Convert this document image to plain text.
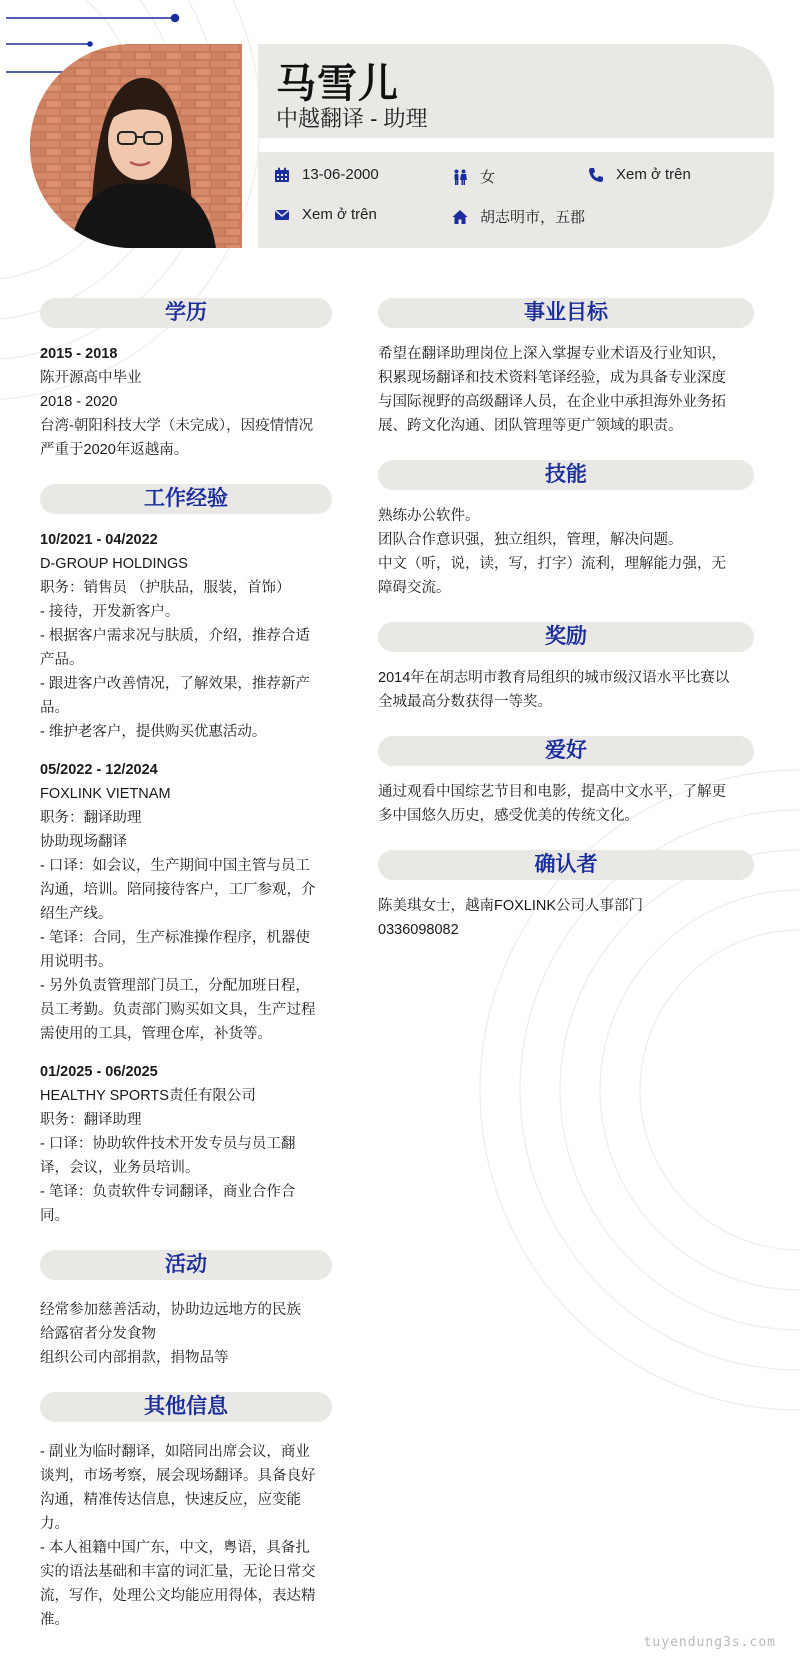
马雪儿
中越翻译 - 助理
13-06-2000	女	Xem ở trên
Xem ở trên	胡志明市，五郡
学历
2015 - 2018
陈开源高中毕业
2018 - 2020
台湾-朝阳科技大学（未完成），因疫情情况
严重于2020年返越南。
工作经验
10/2021 - 04/2022
D-GROUP HOLDINGS
职务：销售员 （护肤品，服装，首饰）
- 接待，开发新客户。
- 根据客户需求况与肤质，介绍，推荐合适
产品。
- 跟进客户改善情况，了解效果，推荐新产
品。
- 维护老客户，提供购买优惠活动。
05/2022 - 12/2024
FOXLINK VIETNAM
职务：翻译助理
协助现场翻译
- 口译：如会议，生产期间中国主管与员工
沟通，培训。陪同接待客户，工厂参观，介
绍生产线。
- 笔译：合同，生产标准操作程序，机器使
用说明书。
- 另外负责管理部门员工，分配加班日程，
员工考勤。负责部门购买如文具，生产过程
需使用的工具，管理仓库，补货等。
01/2025 - 06/2025
HEALTHY SPORTS责任有限公司
职务：翻译助理
- 口译：协助软件技术开发专员与员工翻
译，会议，业务员培训。
- 笔译：负责软件专词翻译，商业合作合
同。
活动
经常参加慈善活动，协助边远地方的民族
给露宿者分发食物
组织公司内部捐款，捐物品等
其他信息
- 副业为临时翻译，如陪同出席会议，商业
谈判，市场考察，展会现场翻译。具备良好
沟通，精准传达信息，快速反应，应变能
力。
- 本人祖籍中国广东，中文，粤语，具备扎
实的语法基础和丰富的词汇量，无论日常交
流，写作，处理公文均能应用得体，表达精
准。
事业目标
希望在翻译助理岗位上深入掌握专业术语及行业知识，
积累现场翻译和技术资料笔译经验，成为具备专业深度
与国际视野的高级翻译人员，在企业中承担海外业务拓
展、跨文化沟通、团队管理等更广领域的职责。
技能
熟练办公软件。
团队合作意识强，独立组织，管理，解决问题。
中文（听，说，读，写，打字）流利，理解能力强，无
障碍交流。
奖励
2014年在胡志明市教育局组织的城市级汉语水平比赛以
全城最高分数获得一等奖。
爱好
通过观看中国综艺节目和电影，提高中文水平，了解更
多中国悠久历史，感受优美的传统文化。
确认者
陈美琪女士，越南FOXLINK公司人事部门
0336098082
tuyendung3s.com
